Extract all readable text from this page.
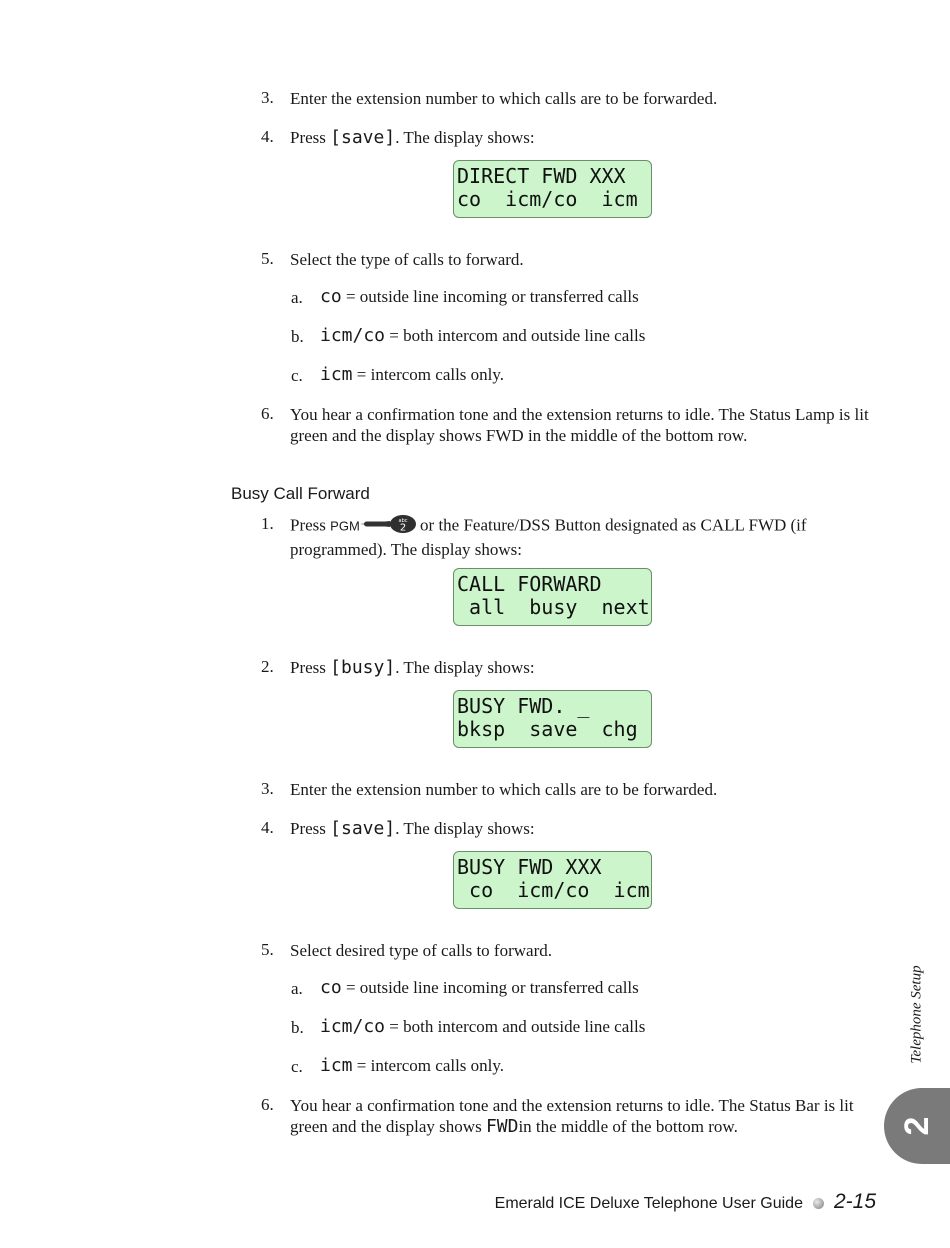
3. Enter the extension number to which calls are to be forwarded.
4. Press [save]. The display shows:
DIRECT FWD XXX
co  icm/co  icm
5. Select the type of calls to forward.
a. co = outside line incoming or transferred calls
b. icm/co = both intercom and outside line calls
c. icm = intercom calls only.
6. You hear a confirmation tone and the extension returns to idle. The Status Lamp is lit green and the display shows FWD in the middle of the bottom row.
Busy Call Forward
1. Press PGM	abc
2 or the Feature/DSS Button designated as CALL FWD (if programmed). The display shows:
CALL FORWARD
all  busy  next
2. Press [busy]. The display shows:
BUSY FWD. _
bksp  save  chg
3. Enter the extension number to which calls are to be forwarded.
4. Press [save]. The display shows:
BUSY FWD XXX
co  icm/co  icm
5. Select desired type of calls to forward.
a. co = outside line incoming or transferred calls
b. icm/co = both intercom and outside line calls
c. icm = intercom calls only.
6. You hear a confirmation tone and the extension returns to idle. The Status Bar is lit green and the display shows FWDin the middle of the bottom row.
Telephone Setup
2
Emerald ICE Deluxe Telephone User Guide 2-15
